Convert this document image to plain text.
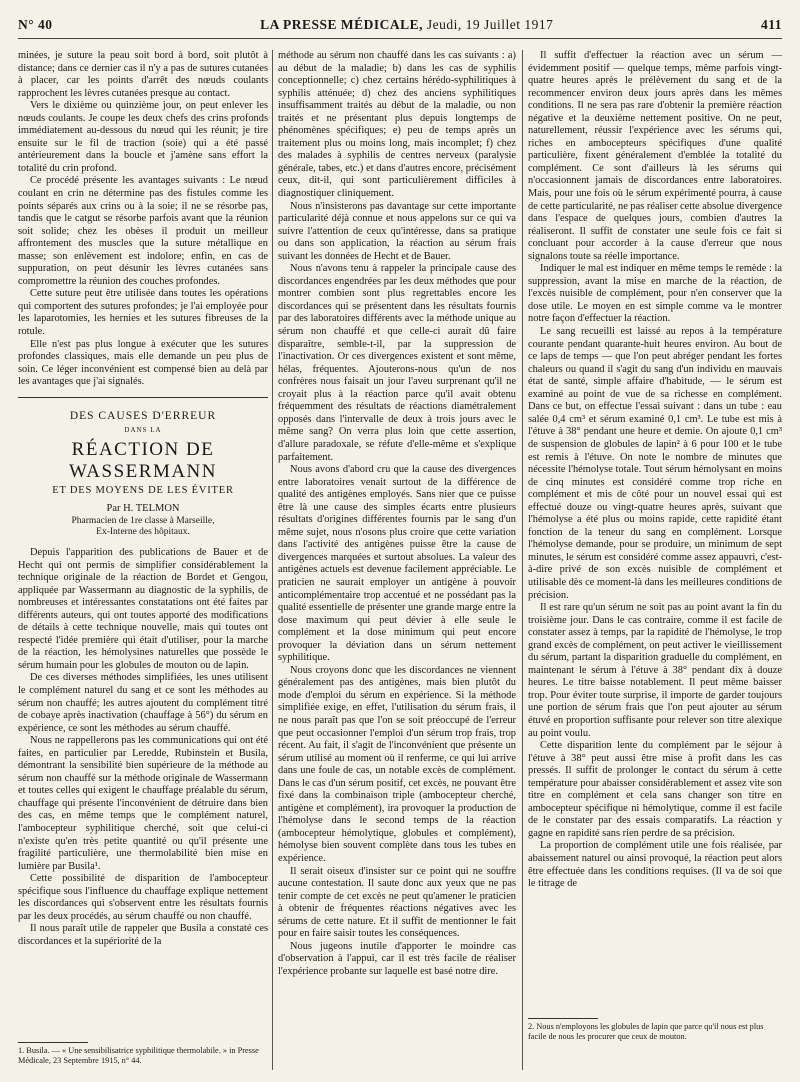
N° 40	LA PRESSE MÉDICALE, Jeudi, 19 Juillet 1917	411

minées, je suture la peau soit bord à bord, soit plutôt à distance; dans ce dernier cas il n'y a pas de sutures cutanées à placer, car les points d'arrêt des nœuds coulants rapprochent les lèvres cutanées presque au contact.

Vers le dixième ou quinzième jour, on peut enlever les nœuds coulants. Je coupe les deux chefs des crins profonds immédiatement au-dessous du nœud qui les réunit; je tire ensuite sur le fil de traction (soie) qui a été passé antérieurement dans la boucle et j'amène sans effort la totalité du crin profond.

Ce procédé présente les avantages suivants : Le nœud coulant en crin ne détermine pas des fistules comme les points séparés aux crins ou à la soie; il ne se résorbe pas, tandis que le catgut se résorbe parfois avant que la réunion soit solide; chez les obèses il produit un meilleur affrontement des muscles que la suture métallique en masse; son enlèvement est indolore; enfin, en cas de suppuration, on peut désunir les lèvres cutanées sans compromettre la réunion des couches profondes.

Cette suture peut être utilisée dans toutes les opérations qui comportent des sutures profondes; je l'ai employée pour les laparotomies, les hernies et les sutures fibreuses de la rotule.

Elle n'est pas plus longue à exécuter que les sutures profondes classiques, mais elle demande un peu plus de soin. Ce léger inconvénient est compensé bien au delà par les avantages que j'ai signalés.

DES CAUSES D'ERREUR
DANS LA
RÉACTION DE WASSERMANN
ET DES MOYENS DE LES ÉVITER
Par H. TELMON
Pharmacien de 1re classe à Marseille,
Ex-Interne des hôpitaux.

Depuis l'apparition des publications de Bauer et de Hecht qui ont permis de simplifier considérablement la technique originale de la réaction de Bordet et Gengou, appliquée par Wassermann au diagnostic de la syphilis, de nombreuses et intéressantes constatations ont été faites par différents auteurs, qui ont toutes apporté des modifications de détails à cette technique nouvelle, mais qui toutes ont respecté l'idée première qui était d'utiliser, pour la marche de la réaction, les hémolysines naturelles que possède le sérum humain pour les globules de mouton ou de lapin.

De ces diverses méthodes simplifiées, les unes utilisent le complément naturel du sang et ce sont les méthodes au sérum non chauffé; les autres ajoutent du complément titré de cobaye après inactivation (chauffage à 56°) du sérum en expérience, ce sont les méthodes au sérum chauffé.

Nous ne rappellerons pas les communications qui ont été faites, en particulier par Leredde, Rubinstein et Busila, démontrant la sensibilité bien supérieure de la méthode au sérum non chauffé sur la méthode originale de Wassermann et toutes celles qui exigent le chauffage préalable du sérum, chauffage qui présente l'inconvénient de détruire dans bien des cas, en même temps que le complément naturel, l'ambocepteur syphilitique cherché, soit que celui-ci n'existe qu'en très petite quantité ou qu'il présente une fragilité particulière, une thermolabilité bien mise en lumière par Busila¹.

Cette possibilité de disparition de l'ambocepteur spécifique sous l'influence du chauffage explique nettement les discordances qui s'observent entre les résultats fournis par les deux procédés, au sérum chauffé ou non chauffé.

Il nous paraît utile de rappeler que Busila a constaté ces discordances et la supériorité de la

1. Busila. — « Une sensibilisatrice syphilitique thermolabile. » in Presse Médicale, 23 Septembre 1915, n° 44.

méthode au sérum non chauffé dans les cas suivants : a) au début de la maladie; b) dans les cas de syphilis conceptionnelle; c) chez certains hérédo-syphilitiques à syphilis atténuée; d) chez des anciens syphilitiques insuffisamment traités au début de la maladie, ou non traités et ne présentant plus depuis longtemps de phénomènes spécifiques; e) peu de temps après un traitement plus ou moins long, mais incomplet; f) chez des malades à syphilis de centres nerveux (paralysie générale, tabes, etc.) et dans d'autres encore, précisément ceux, dit-il, qui sont particulièrement difficiles à diagnostiquer cliniquement.

Nous n'insisterons pas davantage sur cette importante particularité déjà connue et nous appelons sur ce qui va suivre l'attention de ceux qu'intéresse, dans sa pratique ou dans son application, la réaction au sérum frais suivant les données de Hecht et de Bauer.

Nous n'avons tenu à rappeler la principale cause des discordances engendrées par les deux méthodes que pour montrer combien sont plus regrettables encore les discordances qui se présentent dans les résultats fournis par des laboratoires différents avec la méthode unique au sérum non chauffé et que celle-ci aurait dû faire disparaître, semble-t-il, par la suppression de l'inactivation. Or ces divergences existent et sont même, hélas, fréquentes. Ajouterons-nous qu'un de nos confrères nous faisait un jour l'aveu surprenant qu'il ne croyait plus à la réaction parce qu'il avait obtenu fréquemment des résultats de réactions diamétralement opposés dans l'intervalle de deux à trois jours avec le même sang? On verra plus loin que cette assertion, d'allure paradoxale, se réfute d'elle-même et s'explique parfaitement.

Nous avons d'abord cru que la cause des divergences entre laboratoires venait surtout de la différence de qualité des antigènes employés. Sans nier que ce puisse être là une cause des simples écarts entre plusieurs résultats d'origines différentes fournis par le sang d'un même sujet, nous n'osons plus croire que cette variation dans l'activité des antigènes puisse être la cause de divergences marquées et surtout absolues. La valeur des antigènes actuels est devenue facilement appréciable. Le praticien ne saurait employer un antigène à pouvoir anticomplémentaire trop accentué et ne possédant pas la qualité essentielle de présenter une grande marge entre la dose maximum qui peut dévier à elle seule le complément et la dose minimum qui peut encore provoquer la déviation dans un sérum nettement syphilitique.

Nous croyons donc que les discordances ne viennent généralement pas des antigènes, mais bien plutôt du mode d'emploi du sérum en expérience. Si la méthode simplifiée exige, en effet, l'utilisation du sérum frais, il ne nous paraît pas que l'on se soit préoccupé de l'erreur que peut occasionner l'emploi d'un sérum trop frais, trop récent. Au fait, il s'agit de l'inconvénient que présente un sérum utilisé au moment où il renferme, ce qui lui arrive dans une foule de cas, un notable excès de complément. Dans le cas d'un sérum positif, cet excès, ne pouvant être fixé dans la combinaison triple (ambocepteur cherché, antigène et complément), ira provoquer la production de l'hémolyse dans le second temps de la réaction (ambocepteur hémolytique, globules et complément), hémolyse bien souvent complète dans tous les tubes en expérience.

Il serait oiseux d'insister sur ce point qui ne souffre aucune contestation. Il saute donc aux yeux que ne pas tenir compte de cet excès ne peut qu'amener le praticien à obtenir de fréquentes réactions négatives avec les sérums de cette nature. Et il suffit de mentionner le fait pour en faire saisir toutes les conséquences.

Nous jugeons inutile d'apporter le moindre cas d'observation à l'appui, car il est très facile de réaliser l'expérience probante sur laquelle est basé notre dire.

Il suffit d'effectuer la réaction avec un sérum — évidemment positif — quelque temps, même parfois vingt-quatre heures après le prélèvement du sang et de la recommencer environ deux jours après dans les mêmes conditions. Il ne sera pas rare d'obtenir la première réaction négative et la deuxième nettement positive. On ne peut, naturellement, réussir l'expérience avec les sérums qui, riches en ambocepteurs spécifiques d'une qualité particulière, fixent généralement d'emblée la totalité du complément. Ce sont d'ailleurs là les sérums qui n'occasionnent jamais de discordances entre laboratoires. Mais, pour une fois où le sérum expérimenté pourra, à cause de cette particularité, ne pas réaliser cette absolue divergence dans l'espace de quelques jours, combien d'autres la réaliseront. Il suffit de constater une seule fois ce fait si concluant pour accorder à la cause d'erreur que nous signalons toute sa réelle importance.

Indiquer le mal est indiquer en même temps le remède : la suppression, avant la mise en marche de la réaction, de l'excès nuisible de complément, pour n'en conserver que la dose utile. Le moyen en est simple comme va le montrer notre façon d'effectuer la réaction.

Le sang recueilli est laissé au repos à la température courante pendant quarante-huit heures environ. Au bout de ce laps de temps — que l'on peut abréger pendant les fortes chaleurs ou quand il s'agit du sang d'un individu en mauvais état de santé, simple affaire d'habitude, — le sérum est examiné au point de vue de sa richesse en complément. Dans ce but, on effectue l'essai suivant : dans un tube : eau salée 0,4 cm³ et sérum examiné 0,1 cm³. Le tube est mis à l'étuve à 38° pendant une heure et demie. On ajoute 0,1 cm³ de suspension de globules de lapin² à 6 pour 100 et le tube est remis à l'étuve. On note le nombre de minutes que nécessite l'hémolyse totale. Tout sérum hémolysant en moins de cinq minutes est considéré comme trop riche en complément et mis de côté pour un nouvel essai qui est effectué douze ou vingt-quatre heures après, suivant que l'hémolyse a été plus ou moins rapide, cette rapidité étant fonction de la teneur du sang en complément. Lorsque l'hémolyse demande, pour se produire, un minimum de sept minutes, le sérum est considéré comme assez appauvri, c'est-à-dire privé de son excès nuisible de complément et utilisable dès ce moment-là dans les meilleures conditions de précision.

Il est rare qu'un sérum ne soit pas au point avant la fin du troisième jour. Dans le cas contraire, comme il est facile de constater assez à temps, par la rapidité de l'hémolyse, le trop grand excès de complément, on peut activer le vieillissement du sérum, partant la disparition graduelle du complément, en maintenant le sérum à l'étuve à 38° pendant dix à douze heures. Le titre baisse notablement. Il peut même baisser trop. Pour éviter toute surprise, il importe de garder toujours une portion de sérum frais que l'on peut ajouter au sérum étuvé en proportion suffisante pour relever son titre alexique au point voulu.

Cette disparition lente du complément par le séjour à l'étuve à 38° peut aussi être mise à profit dans les cas pressés. Il suffit de prolonger le contact du sérum à cette température pour abaisser considérablement et assez vite son titre en complément et cela sans changer son titre en ambocepteur spécifique ni hémolytique, comme il est facile de le constater par des essais comparatifs. La réaction y gagne en rapidité sans rien perdre de sa précision.

La proportion de complément utile une fois réalisée, par abaissement naturel ou ainsi provoqué, la réaction peut alors être effectuée dans les conditions requises. (Il va de soi que le titrage de

2. Nous n'employons les globules de lapin que parce qu'il nous est plus facile de nous les procurer que ceux de mouton.
